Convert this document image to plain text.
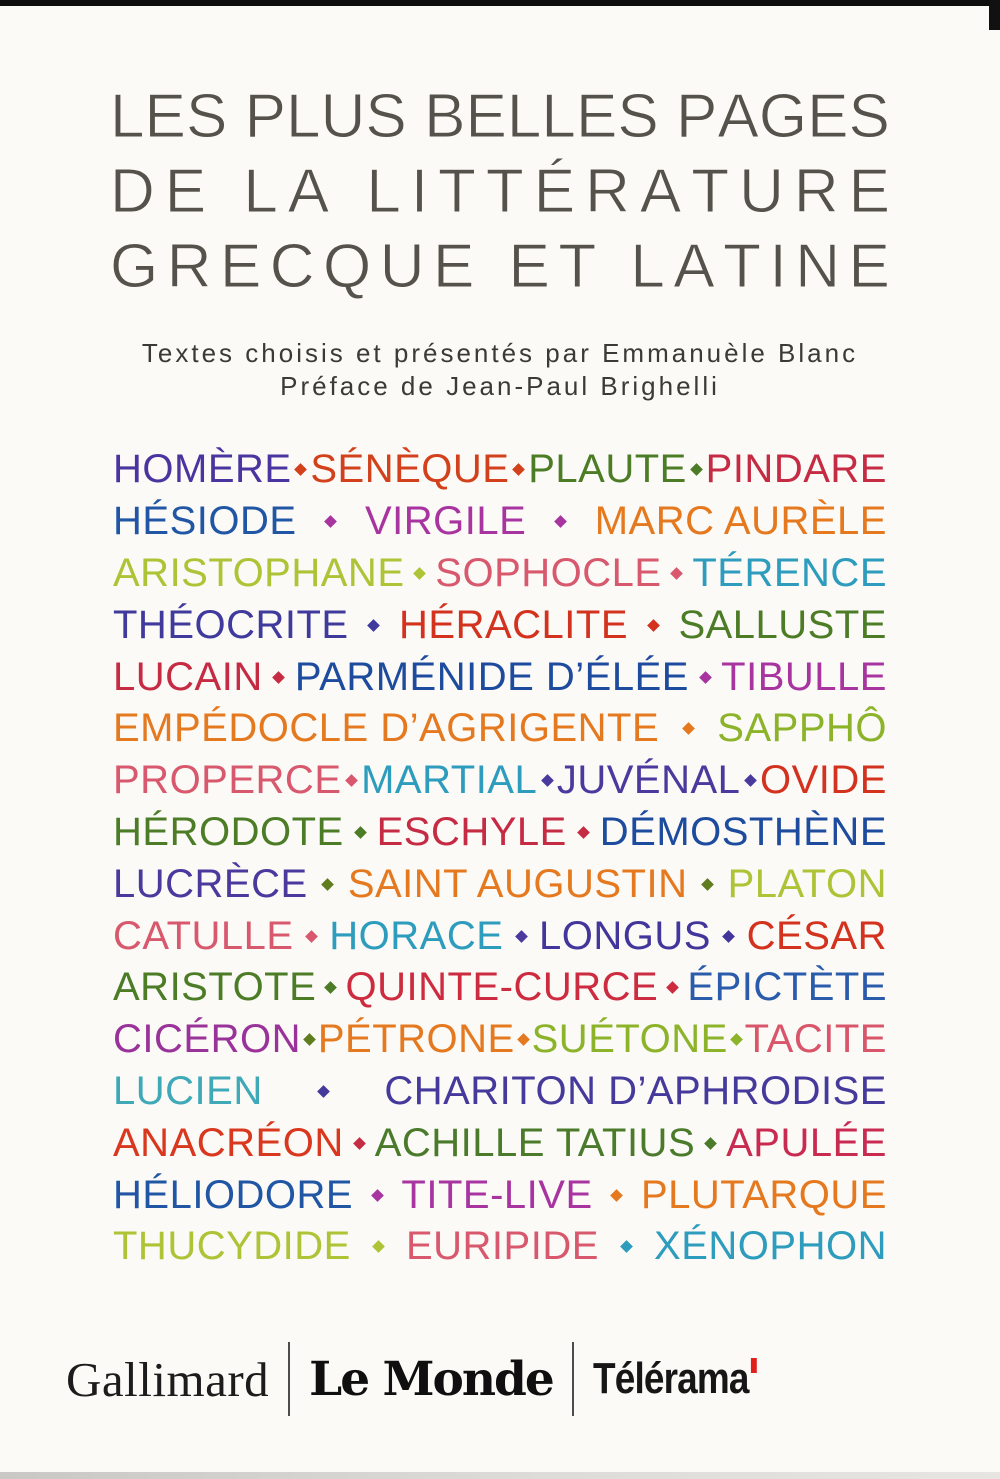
L E S
P L U S
B E L L E S
P A G E S
D E
L A
L I T T É R A T U R E
G R E C Q U E
E T
L A T I N E
Textes choisis et présentés par Emmanuèle Blanc
Préface de Jean-Paul Brighelli
HOMÈRE SÉNÈQUE PLAUTE PINDARE
HÉSIODE VIRGILE MARC AURÈLE
ARISTOPHANE SOPHOCLE TÉRENCE
THÉOCRITE HÉRACLITE SALLUSTE
LUCAIN PARMÉNIDE D’ÉLÉE TIBULLE
EMPÉDOCLE D’AGRIGENTE SAPPHÔ
PROPERCE MARTIAL JUVÉNAL OVIDE
HÉRODOTE ESCHYLE DÉMOSTHÈNE
LUCRÈCE SAINT AUGUSTIN PLATON
CATULLE HORACE LONGUS CÉSAR
ARISTOTE QUINTE-CURCE ÉPICTÈTE
CICÉRON PÉTRONE SUÉTONE TACITE
LUCIEN	CHARITON D’APHRODISE
ANACRÉON ACHILLE TATIUS APULÉE
HÉLIODORE TITE-LIVE PLUTARQUE
THUCYDIDE EURIPIDE XÉNOPHON
Gallimard Le Monde Télérama
